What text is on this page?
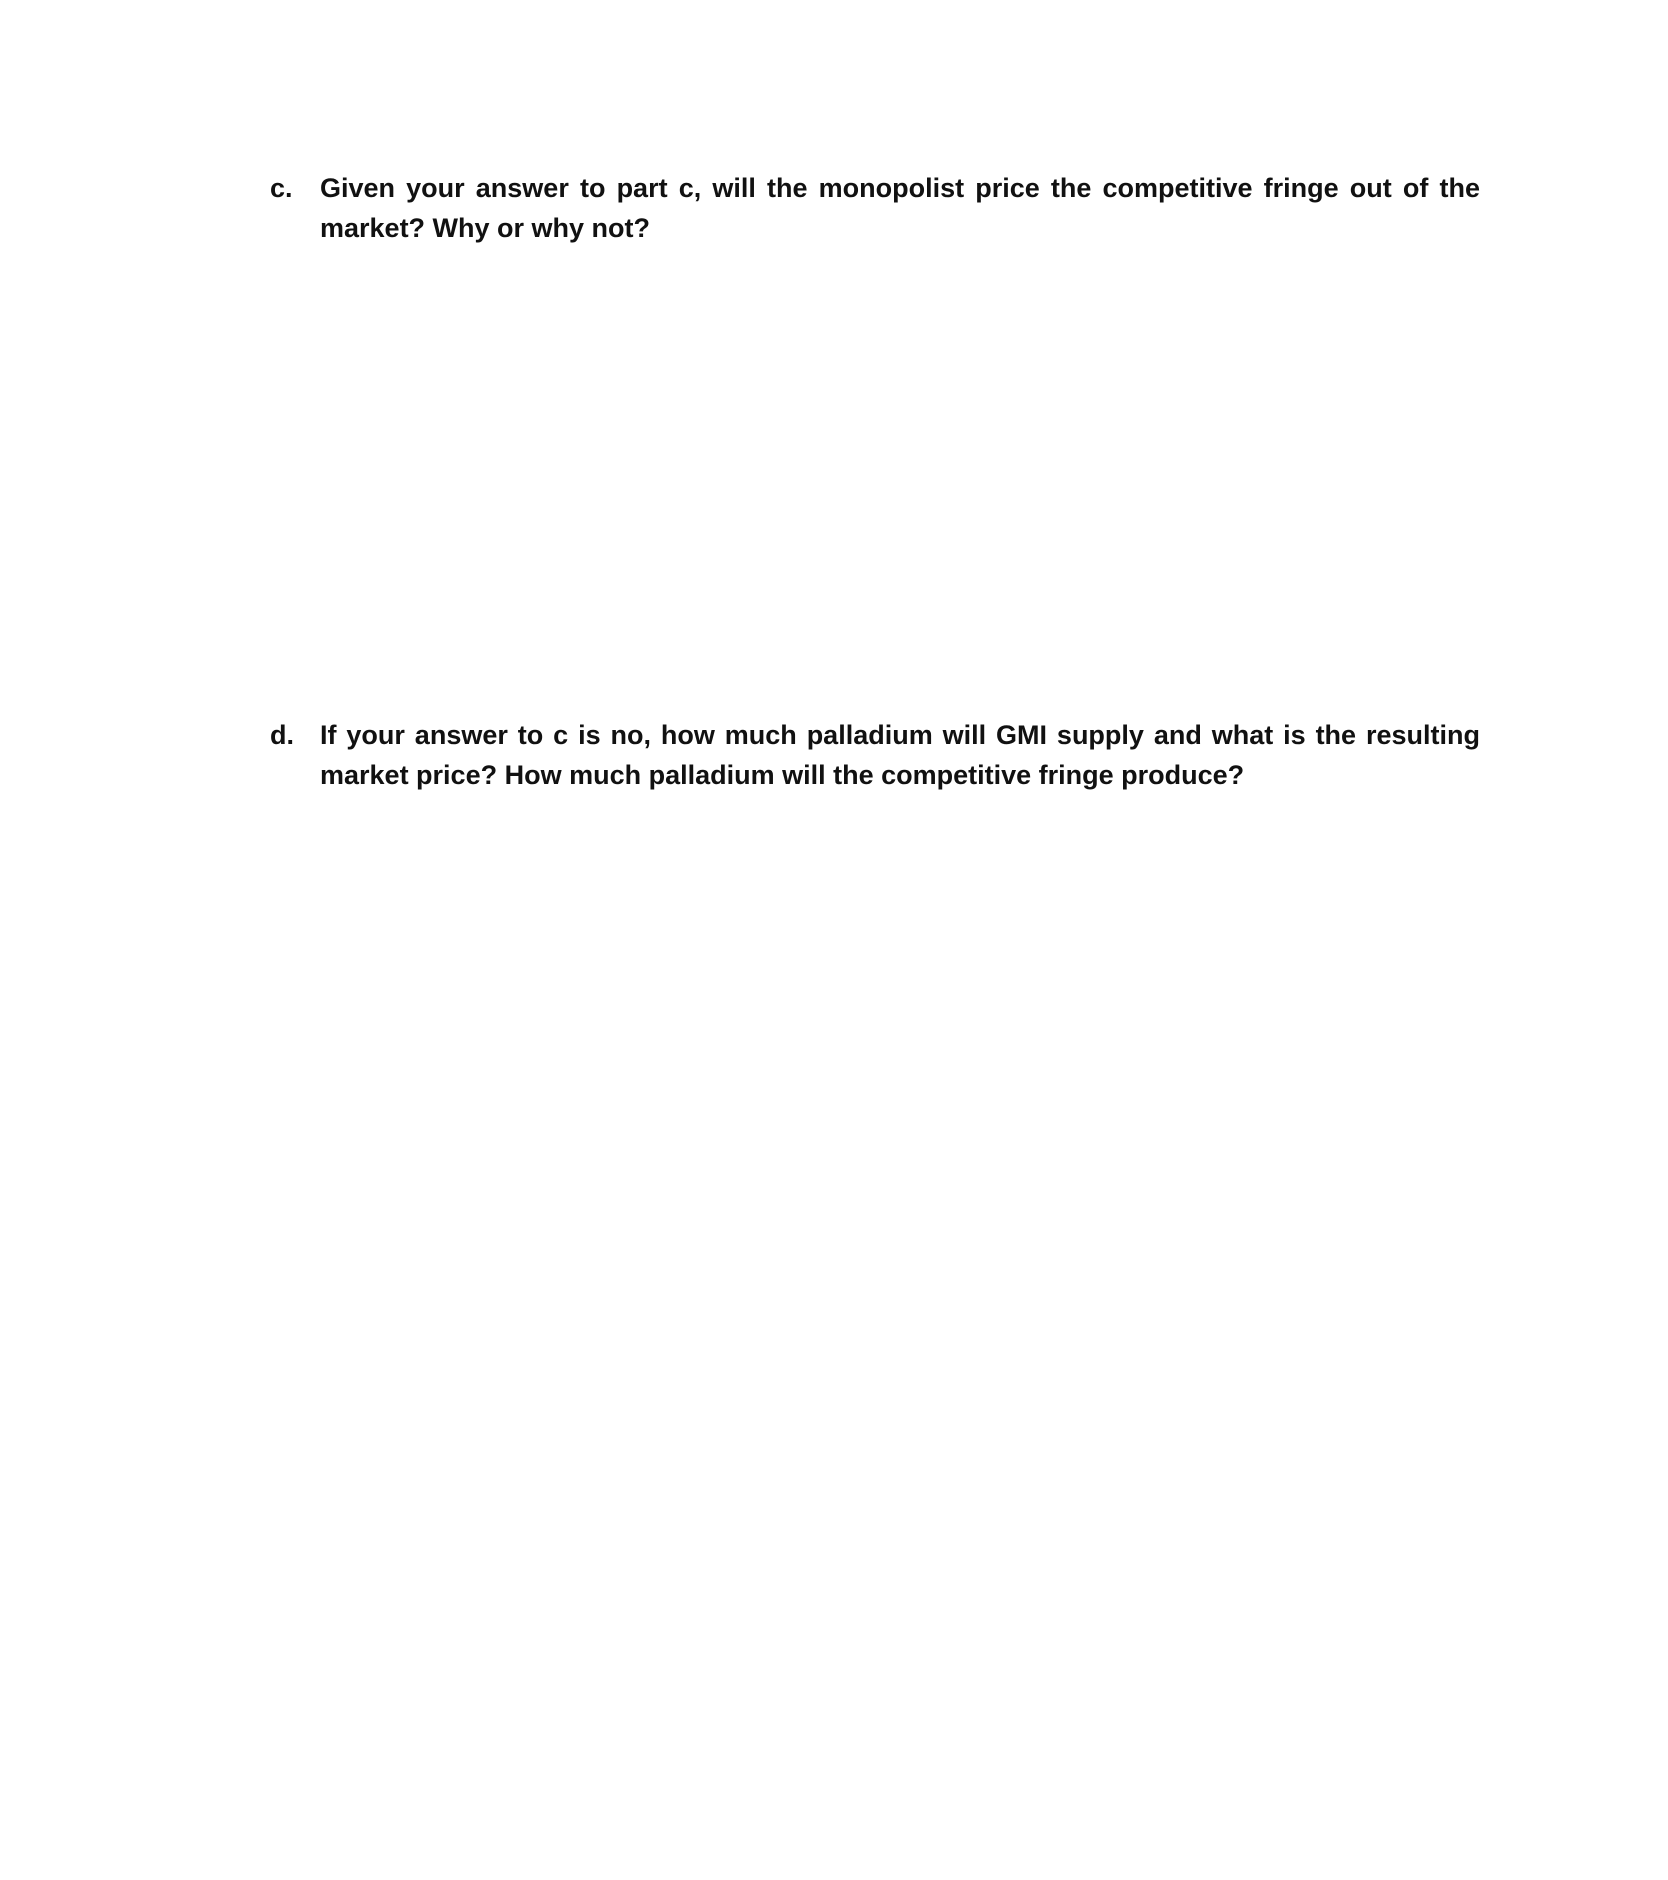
c.	Given your answer to part c, will the monopolist price the competitive fringe out of the market? Why or why not?
d. If your answer to c is no, how much palladium will GMI supply and what is the resulting market price? How much palladium will the competitive fringe produce?
